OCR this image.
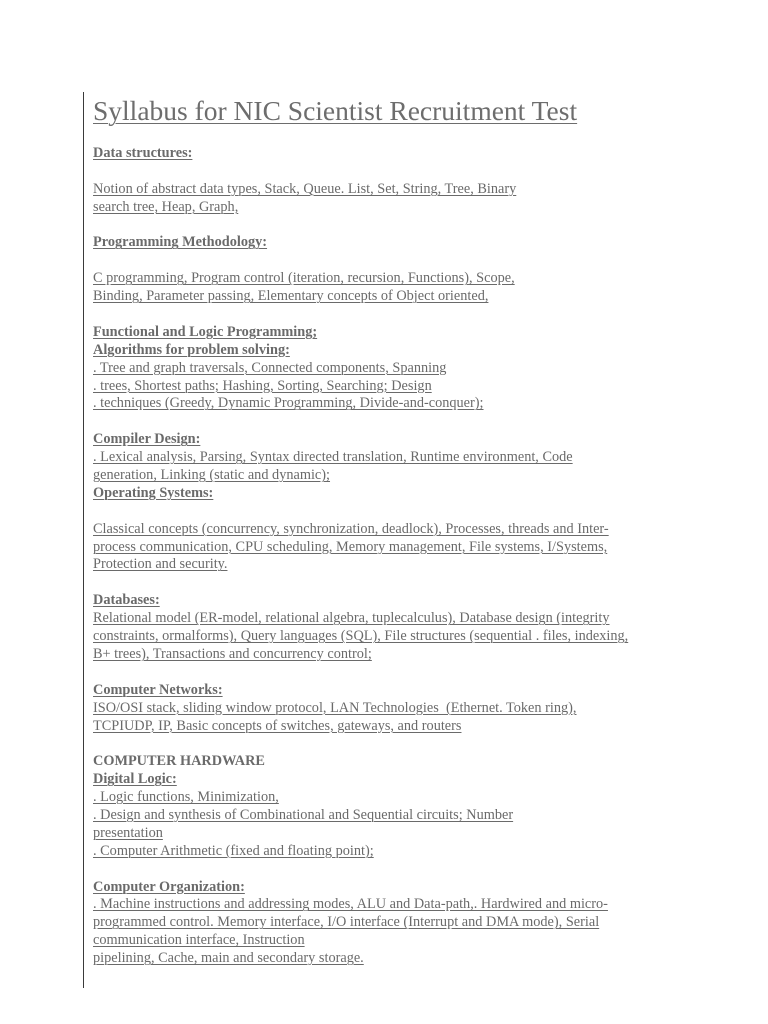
Syllabus for NIC Scientist Recruitment Test
Data structures:
Notion of abstract data types, Stack, Queue. List, Set, String, Tree, Binary
search tree, Heap, Graph,
Programming Methodology:
C programming, Program control (iteration, recursion, Functions), Scope,
Binding, Parameter passing, Elementary concepts of Object oriented,
Functional and Logic Programming;
Algorithms for problem solving:
. Tree and graph traversals, Connected components, Spanning
. trees, Shortest paths; Hashing, Sorting, Searching; Design
. techniques (Greedy, Dynamic Programming, Divide-and-conquer);
Compiler Design:
. Lexical analysis, Parsing, Syntax directed translation, Runtime environment, Code
generation, Linking (static and dynamic);
Operating Systems:
Classical concepts (concurrency, synchronization, deadlock), Processes, threads and Inter-
process communication, CPU scheduling, Memory management, File systems, I/Systems,
Protection and security.
Databases:
Relational model (ER-model, relational algebra, tuplecalculus), Database design (integrity
constraints, ormalforms), Query languages (SQL), File structures (sequential . files, indexing,
B+ trees), Transactions and concurrency control;
Computer Networks:
ISO/OSI stack, sliding window protocol, LAN Technologies  (Ethernet. Token ring),
TCPIUDP, IP, Basic concepts of switches, gateways, and routers
COMPUTER HARDWARE
Digital Logic:
. Logic functions, Minimization,
. Design and synthesis of Combinational and Sequential circuits; Number
presentation
. Computer Arithmetic (fixed and floating point);
Computer Organization:
. Machine instructions and addressing modes, ALU and Data-path,. Hardwired and micro-
programmed control. Memory interface, I/O interface (Interrupt and DMA mode), Serial
communication interface, Instruction
pipelining, Cache, main and secondary storage.
